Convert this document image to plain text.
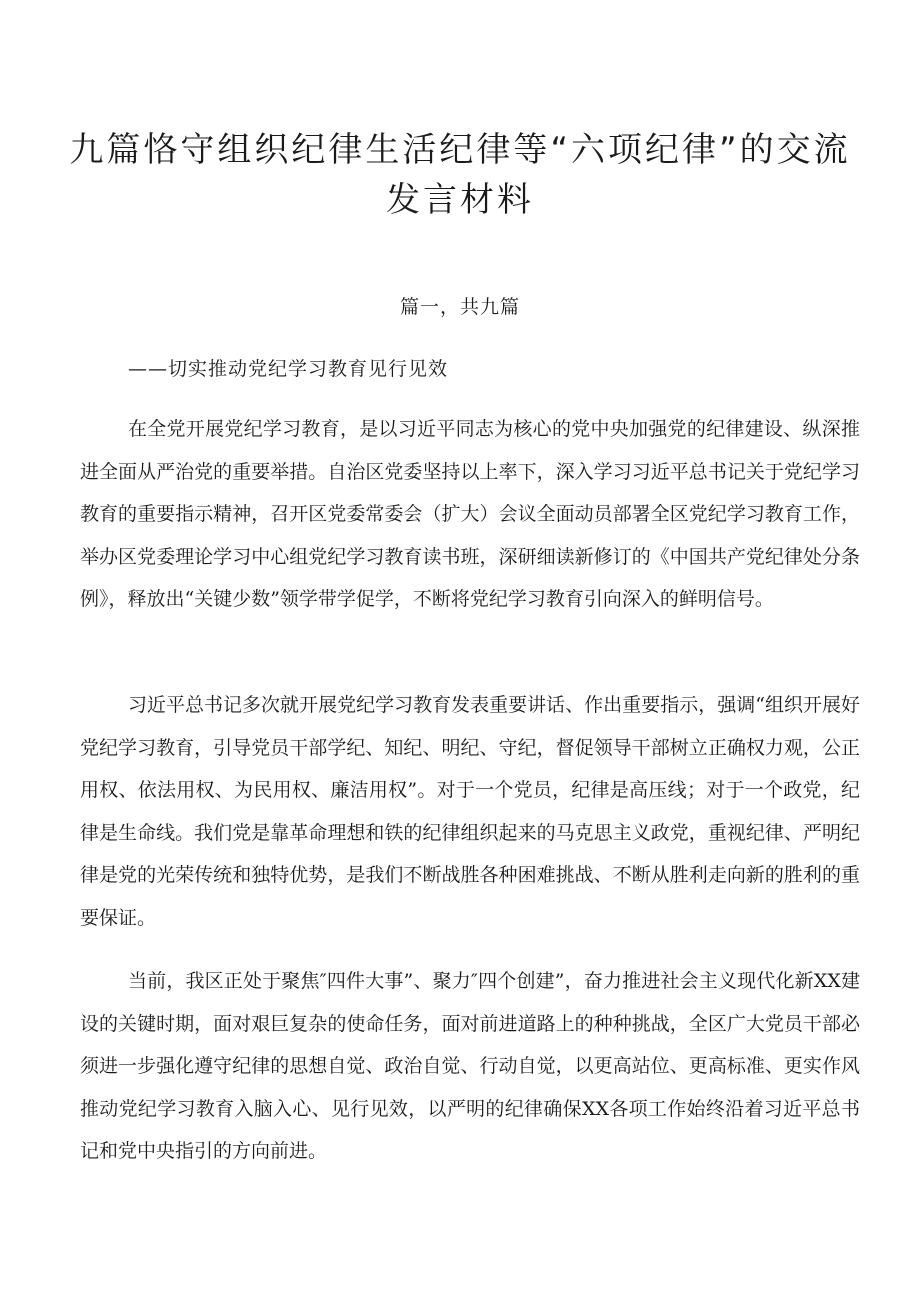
九篇恪守组织纪律生活纪律等“六项纪律”的交流
发言材料
篇一，共九篇
——切实推动党纪学习教育见行见效

在全党开展党纪学习教育，是以习近平同志为核心的党中央加强党的纪律建设、纵深推进全面从严治党的重要举措。自治区党委坚持以上率下，深入学习习近平总书记关于党纪学习教育的重要指示精神，召开区党委常委会（扩大）会议全面动员部署全区党纪学习教育工作，举办区党委理论学习中心组党纪学习教育读书班，深研细读新修订的《中国共产党纪律处分条例》，释放出“关键少数”领学带学促学，不断将党纪学习教育引向深入的鲜明信号。

习近平总书记多次就开展党纪学习教育发表重要讲话、作出重要指示，强调“组织开展好党纪学习教育，引导党员干部学纪、知纪、明纪、守纪，督促领导干部树立正确权力观，公正用权、依法用权、为民用权、廉洁用权”。对于一个党员，纪律是高压线；对于一个政党，纪律是生命线。我们党是靠革命理想和铁的纪律组织起来的马克思主义政党，重视纪律、严明纪律是党的光荣传统和独特优势，是我们不断战胜各种困难挑战、不断从胜利走向新的胜利的重要保证。

当前，我区正处于聚焦″四件大事”、聚力″四个创建”，奋力推进社会主义现代化新XX建设的关键时期，面对艰巨复杂的使命任务，面对前进道路上的种种挑战，全区广大党员干部必须进一步强化遵守纪律的思想自觉、政治自觉、行动自觉，以更高站位、更高标准、更实作风推动党纪学习教育入脑入心、见行见效，以严明的纪律确保XX各项工作始终沿着习近平总书记和党中央指引的方向前进。
